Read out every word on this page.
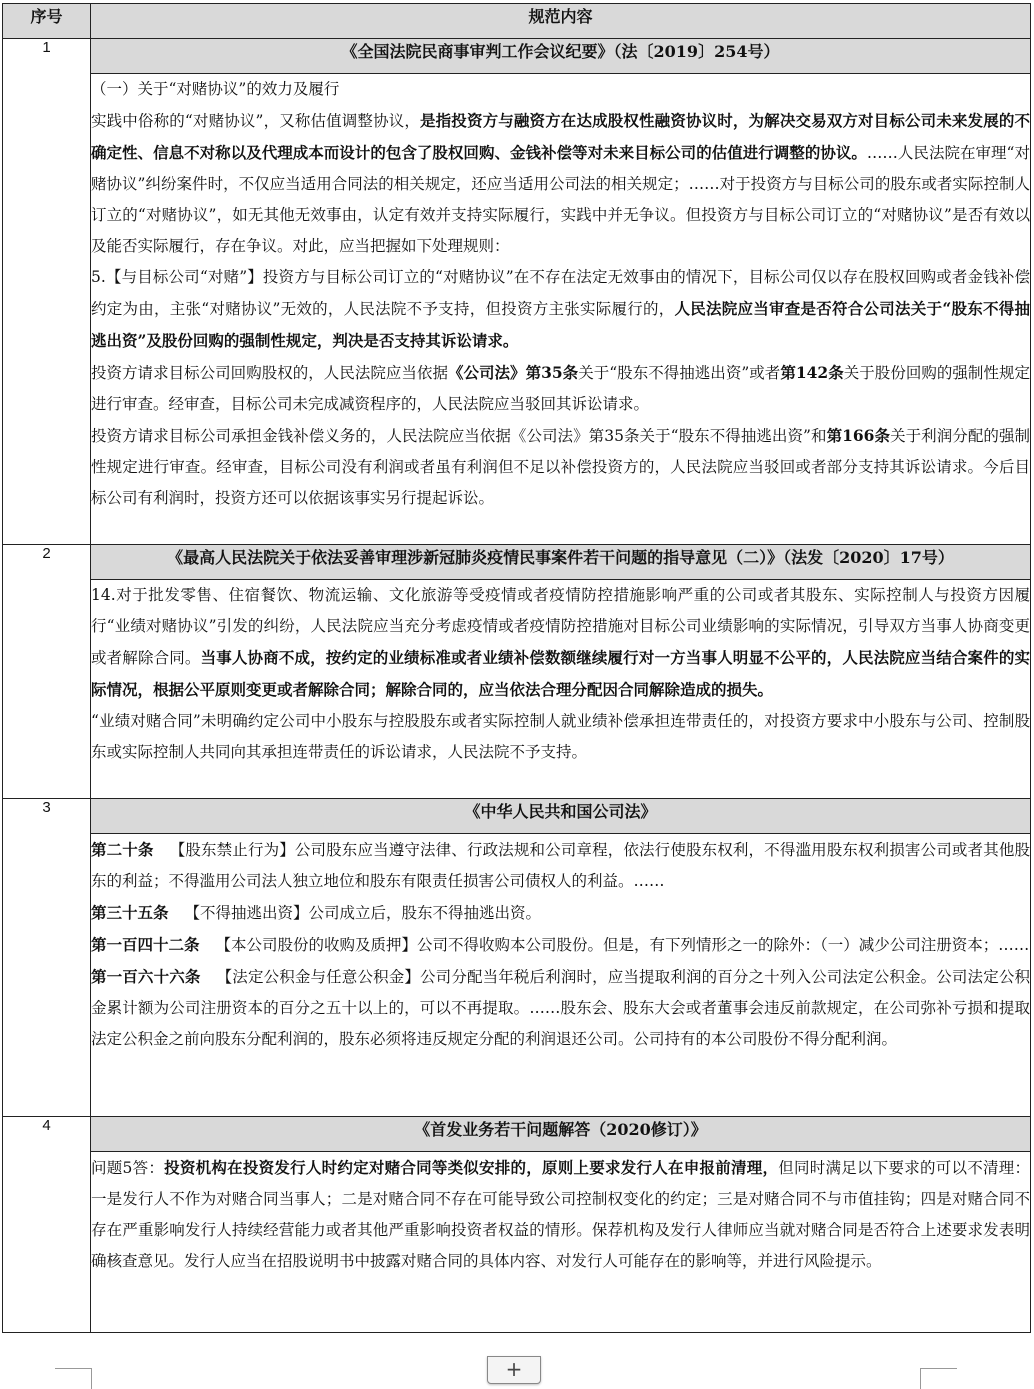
序号	规范内容
1	《全国法院民商事审判工作会议纪要》（法〔2019〕254号）

	（一）关于“对赌协议”的效力及履行

实践中俗称的“对赌协议”，又称估值调整协议，是指投资方与融资方在达成股权性融资协议时，为解决交易双方对目标公司未来发展的不确定性、信息不对称以及代理成本而设计的包含了股权回购、金钱补偿等对未来目标公司的估值进行调整的协议。……人民法院在审理“对赌协议”纠纷案件时，不仅应当适用合同法的相关规定，还应当适用公司法的相关规定；……对于投资方与目标公司的股东或者实际控制人订立的“对赌协议”，如无其他无效事由，认定有效并支持实际履行，实践中并无争议。但投资方与目标公司订立的“对赌协议”是否有效以及能否实际履行，存在争议。对此，应当把握如下处理规则：

5.【与目标公司“对赌”】投资方与目标公司订立的“对赌协议”在不存在法定无效事由的情况下，目标公司仅以存在股权回购或者金钱补偿约定为由，主张“对赌协议”无效的，人民法院不予支持，但投资方主张实际履行的，人民法院应当审查是否符合公司法关于“股东不得抽逃出资”及股份回购的强制性规定，判决是否支持其诉讼请求。

投资方请求目标公司回购股权的，人民法院应当依据《公司法》第35条关于“股东不得抽逃出资”或者第142条关于股份回购的强制性规定进行审查。经审查，目标公司未完成减资程序的，人民法院应当驳回其诉讼请求。

投资方请求目标公司承担金钱补偿义务的，人民法院应当依据《公司法》第35条关于“股东不得抽逃出资”和第166条关于利润分配的强制性规定进行审查。经审查，目标公司没有利润或者虽有利润但不足以补偿投资方的，人民法院应当驳回或者部分支持其诉讼请求。今后目标公司有利润时，投资方还可以依据该事实另行提起诉讼。

2	《最高人民法院关于依法妥善审理涉新冠肺炎疫情民事案件若干问题的指导意见（二）》（法发〔2020〕17号）

	14.对于批发零售、住宿餐饮、物流运输、文化旅游等受疫情或者疫情防控措施影响严重的公司或者其股东、实际控制人与投资方因履行“业绩对赌协议”引发的纠纷，人民法院应当充分考虑疫情或者疫情防控措施对目标公司业绩影响的实际情况，引导双方当事人协商变更或者解除合同。当事人协商不成，按约定的业绩标准或者业绩补偿数额继续履行对一方当事人明显不公平的，人民法院应当结合案件的实际情况，根据公平原则变更或者解除合同；解除合同的，应当依法合理分配因合同解除造成的损失。

“业绩对赌合同”未明确约定公司中小股东与控股股东或者实际控制人就业绩补偿承担连带责任的，对投资方要求中小股东与公司、控制股东或实际控制人共同向其承担连带责任的诉讼请求，人民法院不予支持。

3	《中华人民共和国公司法》

	第二十条 【股东禁止行为】公司股东应当遵守法律、行政法规和公司章程，依法行使股东权利，不得滥用股东权利损害公司或者其他股东的利益；不得滥用公司法人独立地位和股东有限责任损害公司债权人的利益。……

第三十五条 【不得抽逃出资】公司成立后，股东不得抽逃出资。

第一百四十二条 【本公司股份的收购及质押】公司不得收购本公司股份。但是，有下列情形之一的除外：（一）减少公司注册资本；……

第一百六十六条 【法定公积金与任意公积金】公司分配当年税后利润时，应当提取利润的百分之十列入公司法定公积金。公司法定公积金累计额为公司注册资本的百分之五十以上的，可以不再提取。……股东会、股东大会或者董事会违反前款规定，在公司弥补亏损和提取法定公积金之前向股东分配利润的，股东必须将违反规定分配的利润退还公司。公司持有的本公司股份不得分配利润。

4	《首发业务若干问题解答（2020修订）》

	问题5答：投资机构在投资发行人时约定对赌合同等类似安排的，原则上要求发行人在申报前清理，但同时满足以下要求的可以不清理：一是发行人不作为对赌合同当事人；二是对赌合同不存在可能导致公司控制权变化的约定；三是对赌合同不与市值挂钩；四是对赌合同不存在严重影响发行人持续经营能力或者其他严重影响投资者权益的情形。保荐机构及发行人律师应当就对赌合同是否符合上述要求发表明确核查意见。发行人应当在招股说明书中披露对赌合同的具体内容、对发行人可能存在的影响等，并进行风险提示。

+
